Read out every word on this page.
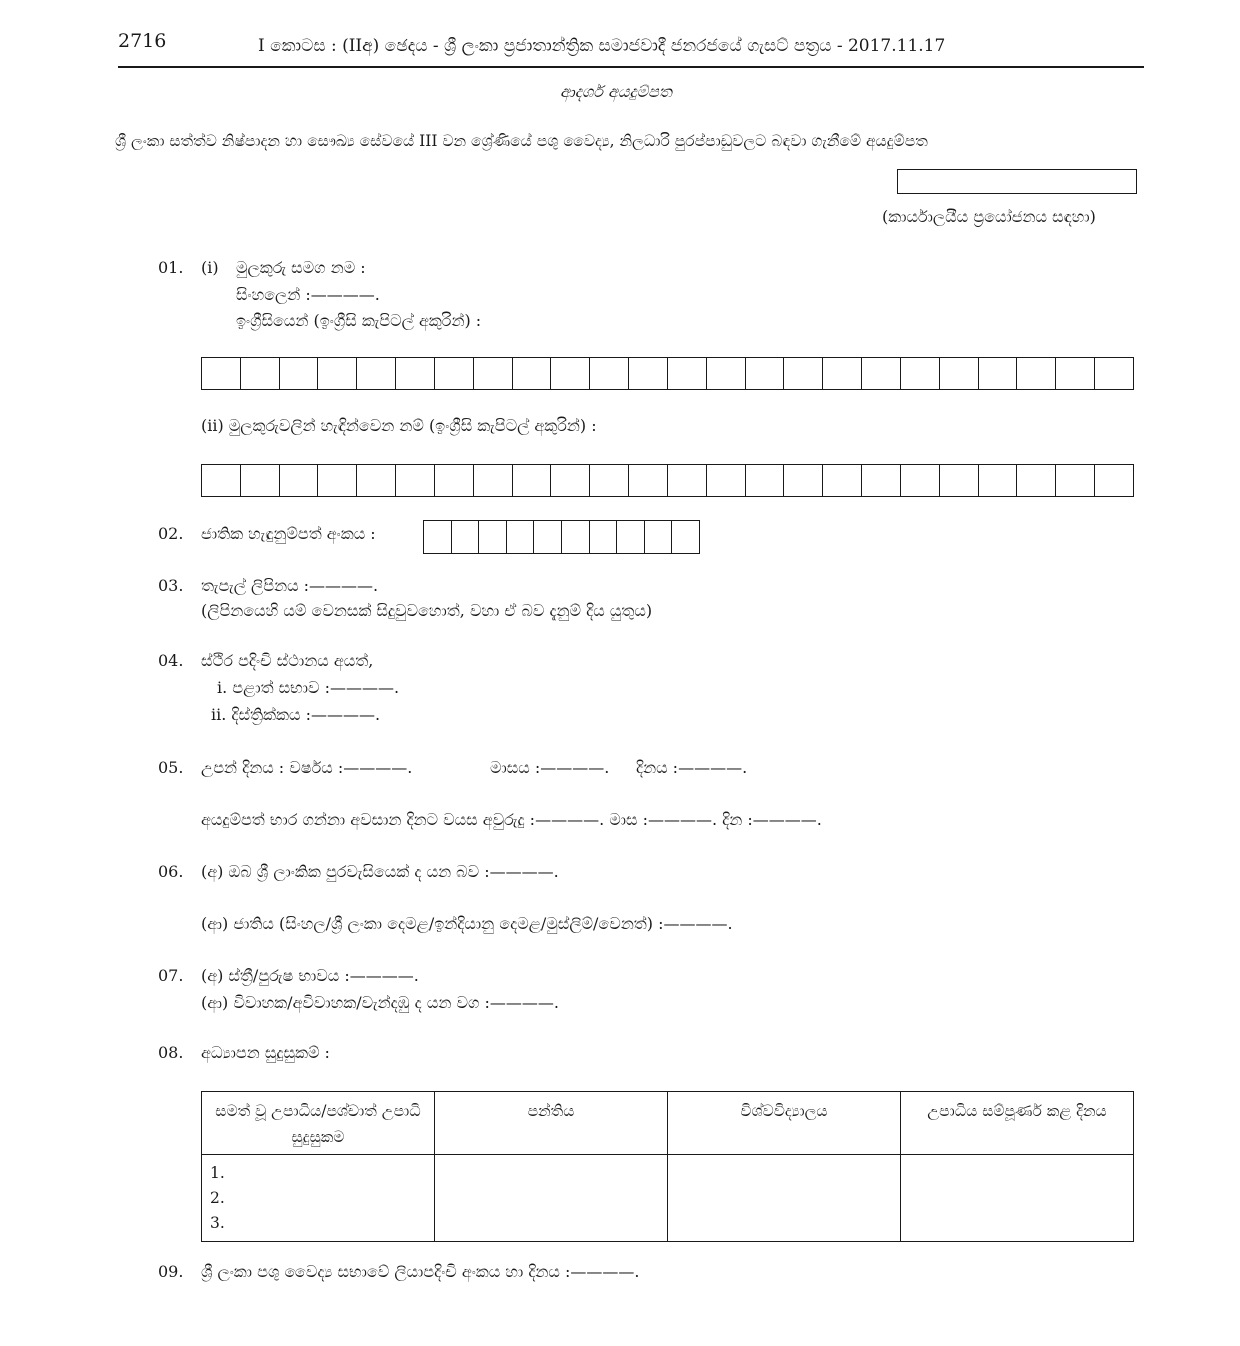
2716	I කොටස : (IIඅ) ඡෙදය - ශ්‍රී ලංකා ප්‍රජාතාන්ත්‍රික සමාජවාදී ජනරජයේ ගැසට් පත්‍රය - 2017.11.17
ආදර්ශ අයදුම්පත
ශ්‍රී ලංකා සත්ත්ව නිෂ්පාදන හා සෞඛ්‍ය සේවයේ III වන ශ්‍රේණියේ පශු වෛද්‍ය, නිලධාරි පුරප්පාඩුවලට බඳවා ගැනීමේ අයදුම්පත
(කාර්යාලයීය ප්‍රයෝජනය සඳහා)
01. (i) මුලකුරු සමග නම :
සිංහලෙන් :————.
ඉංග්‍රීසියෙන් (ඉංග්‍රීසි කැපිටල් අකුරින්) :
(ii) මුලකුරුවලින් හැඳින්වෙන නම් (ඉංග්‍රීසි කැපිටල් අකුරින්) :
02. ජාතික හැඳුනුම්පත් අංකය :
03. තැපැල් ලිපිනය :————.
(ලිපිනයෙහි යම් වෙනසක් සිදුවුවහොත්, වහා ඒ බව දැනුම් දිය යුතුය)
04. ස්ථිර පදිංචි ස්ථානය අයත්,
i. පළාත් සභාව :————.
ii. දිස්ත්‍රික්කය :————.
05. උපන් දිනය : වර්ෂය :————.	මාසය :————. දිනය :————.
අයදුම්පත් භාර ගන්නා අවසාන දිනට වයස අවුරුදු :————. මාස :————. දින :————.
06. (අ) ඔබ ශ්‍රී ලාංකික පුරවැසියෙක් ද යන බව :————.
(ආ) ජාතිය (සිංහල/ශ්‍රී ලංකා දෙමළ/ඉන්දියානු දෙමළ/මුස්ලිම්/වෙනත්) :————.
07. (අ) ස්ත්‍රී/පුරුෂ භාවය :————.
(ආ) විවාහක/අවිවාහක/වැන්දඹු ද යන වග :————.
08. අධ්‍යාපන සුදුසුකම් :
සමත් වූ උපාධිය/පශ්චාත් උපාධි සුදුසුකම	පන්තිය	විශ්වවිද්‍යාලය	උපාධිය සම්පූර්ණ කළ දිනය

1.
2.
3.			

09. ශ්‍රී ලංකා පශු වෛද්‍ය සභාවේ ලියාපදිංචි අංකය හා දිනය :————.
